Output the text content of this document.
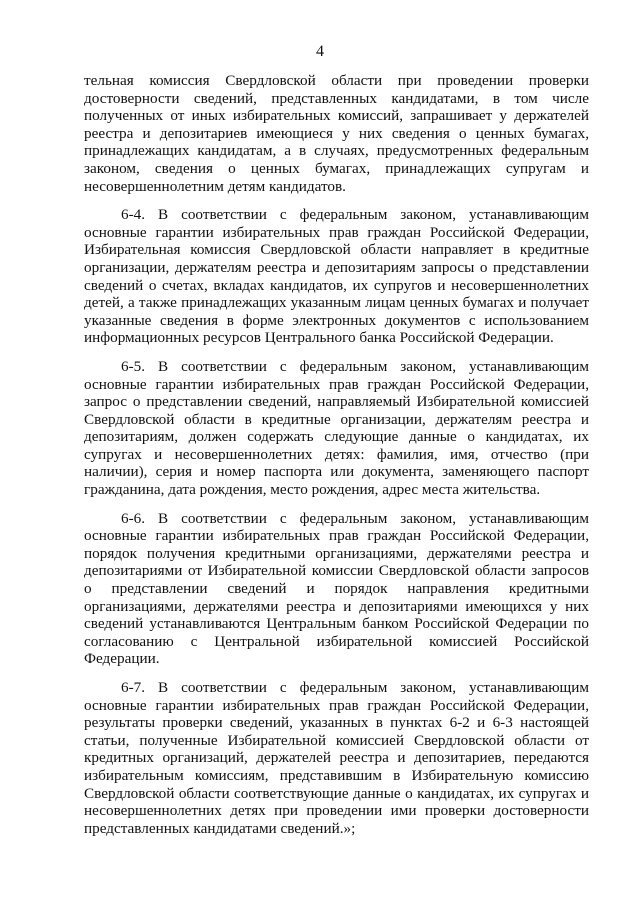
4

тельная комиссия Свердловской области при проведении проверки достоверности сведений, представленных кандидатами, в том числе полученных от иных избирательных комиссий, запрашивает у держателей реестра и депозитариев имеющиеся у них сведения о ценных бумагах, принадлежащих кандидатам, а в случаях, предусмотренных федеральным законом, сведения о ценных бумагах, принадлежащих супругам и несовершеннолетним детям кандидатов.

6-4. В соответствии с федеральным законом, устанавливающим основные гарантии избирательных прав граждан Российской Федерации, Избирательная комиссия Свердловской области направляет в кредитные организации, держателям реестра и депозитариям запросы о представлении сведений о счетах, вкладах кандидатов, их супругов и несовершеннолетних детей, а также принадлежащих указанным лицам ценных бумагах и получает указанные сведения в форме электронных документов с использованием информационных ресурсов Центрального банка Российской Федерации.

6-5. В соответствии с федеральным законом, устанавливающим основные гарантии избирательных прав граждан Российской Федерации, запрос о представлении сведений, направляемый Избирательной комиссией Свердловской области в кредитные организации, держателям реестра и депозитариям, должен содержать следующие данные о кандидатах, их супругах и несовершеннолетних детях: фамилия, имя, отчество (при наличии), серия и номер паспорта или документа, заменяющего паспорт гражданина, дата рождения, место рождения, адрес места жительства.

6-6. В соответствии с федеральным законом, устанавливающим основные гарантии избирательных прав граждан Российской Федерации, порядок получения кредитными организациями, держателями реестра и депозитариями от Избирательной комиссии Свердловской области запросов о представлении сведений и порядок направления кредитными организациями, держателями реестра и депозитариями имеющихся у них сведений устанавливаются Центральным банком Российской Федерации по согласованию с Центральной избирательной комиссией Российской Федерации.

6-7. В соответствии с федеральным законом, устанавливающим основные гарантии избирательных прав граждан Российской Федерации, результаты проверки сведений, указанных в пунктах 6-2 и 6-3 настоящей статьи, полученные Избирательной комиссией Свердловской области от кредитных организаций, держателей реестра и депозитариев, передаются избирательным комиссиям, представившим в Избирательную комиссию Свердловской области соответствующие данные о кандидатах, их супругах и несовершеннолетних детях при проведении ими проверки достоверности представленных кандидатами сведений.»;
